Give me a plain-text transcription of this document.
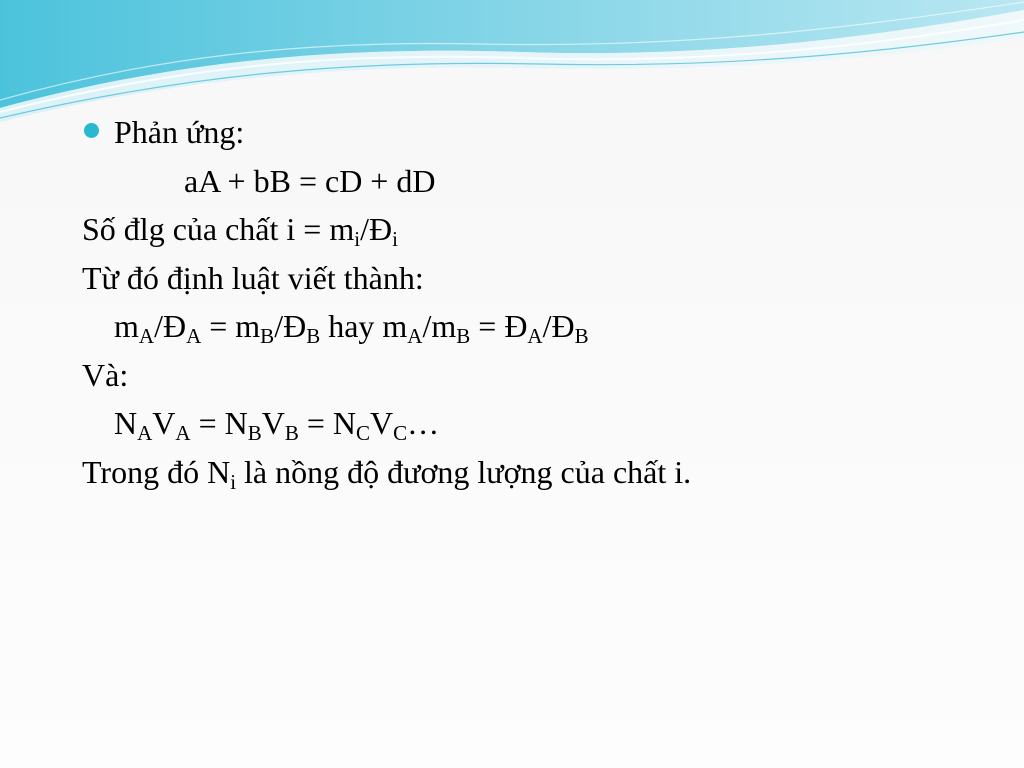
Phản ứng:
aA + bB = cD + dD
Số đlg của chất $i = m_i/Đ_i$
Từ đó định luật viết thành:
$m_A/Đ_A$ = $m_B/Đ_B$ hay $m_A/m_B$ = $Đ_A/Đ_B$
Và:
$N_AV_A = N_BV_B$ = $N_CV_C\dots$
Trong đó $N_i$ là nồng độ đương lượng của chất i.
